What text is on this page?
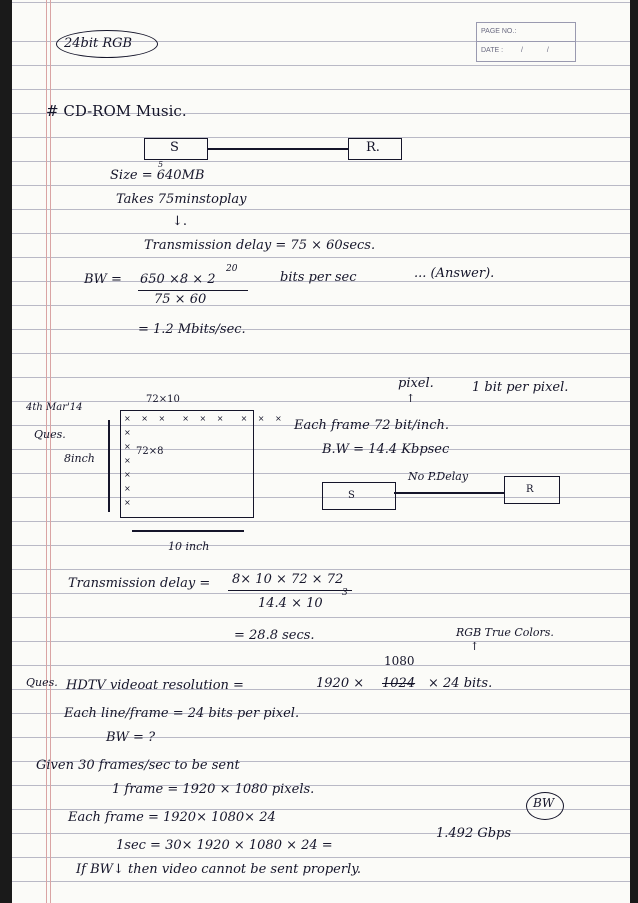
PAGE NO.:
DATE :	/	/
24bit RGB
# CD-ROM Music.
S	R.
5
Size = 640MB
Takes 75minstoplay
↓.
Transmission delay = 75 × 60secs.
BW = 650 ×8 × 2
20
75 × 60
bits per sec	... (Answer).
= 1.2 Mbits/sec.
4th Mar'14
Ques.
72×10
× × ×  × × ×  × × ×
×
×
×
×
×
×
72×8
8inch
10 inch
pixel.
↑
1 bit per pixel.
Each frame 72 bit/inch.
B.W = 14.4 Kbpsec
No P.Delay
S
R
Transmission delay = 8× 10 × 72 × 72
14.4 × 10
3
= 28.8 secs.	RGB True Colors.
↑
Ques.
1080
HDTV videoat resolution =	1920 × 1024 × 24 bits.
Each line/frame = 24 bits per pixel.
BW = ?
Given 30 frames/sec to be sent
1 frame = 1920 × 1080 pixels.
BW
Each frame = 1920× 1080× 24
1sec = 30× 1920 × 1080 × 24 =
1.492 Gbps
If BW↓ then video cannot be sent properly.
